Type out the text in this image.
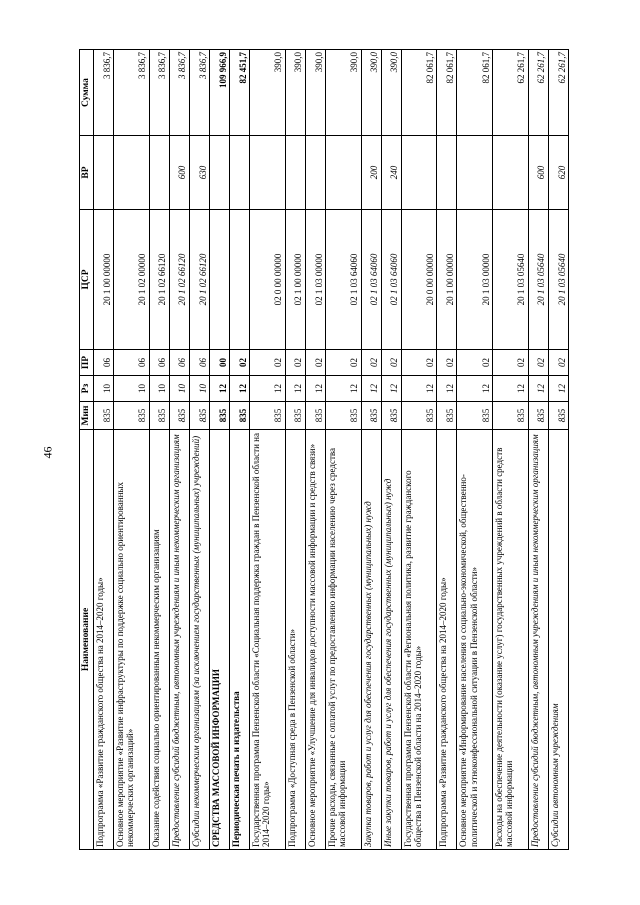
46
Наименование	Мин	Рз	ПР	ЦСР	ВР	Сумма
Подпрограмма «Развитие гражданского общества на 2014–2020 годы»	835	10	06	20 1 00 00000		3 836,7
Основное мероприятие «Развитие инфраструктуры по поддержке социально ориентированных некоммерческих организаций»	835	10	06	20 1 02 00000		3 836,7
Оказание содействия социально ориентированным некоммерческим организациям	835	10	06	20 1 02 66120		3 836,7
Предоставление субсидий бюджетным, автономным учреждениям и иным некоммерческим организациям	835	10	06	20 1 02 66120	600	3 836,7
Субсидии некоммерческим организациям (за исключением государственных (муниципальных) учреждений)	835	10	06	20 1 02 66120	630	3 836,7
СРЕДСТВА МАССОВОЙ ИНФОРМАЦИИ	835	12	00			109 966,9
Периодическая печать и издательства	835	12	02			82 451,7
Государственная программа Пензенской области «Социальная поддержка граждан в Пензенской области на 2014–2020 годы»	835	12	02	02 0 00 00000		390,0
Подпрограмма «Доступная среда в Пензенской области»	835	12	02	02 1 00 00000		390,0
Основное мероприятие «Улучшение для инвалидов доступности массовой информации и средств связи»	835	12	02	02 1 03 00000		390,0
Прочие расходы, связанные с оплатой услуг по предоставлению информации населению через средства массовой информации	835	12	02	02 1 03 64060		390,0
Закупка товаров, работ и услуг для обеспечения государственных (муниципальных) нужд	835	12	02	02 1 03 64060	200	390,0
Иные закупки товаров, работ и услуг для обеспечения государственных (муниципальных) нужд	835	12	02	02 1 03 64060	240	390,0
Государственная программа Пензенской области «Региональная политика, развитие гражданского общества в Пензенской области на 2014–2020 годы»	835	12	02	20 0 00 00000		82 061,7
Подпрограмма «Развитие гражданского общества на 2014–2020 годы»	835	12	02	20 1 00 00000		82 061,7
Основное мероприятие «Информирование населения о социально-экономической, общественно-политической и этноконфессиональной ситуации в Пензенской области»	835	12	02	20 1 03 00000		82 061,7
Расходы на обеспечение деятельности (оказание услуг) государственных учреждений в области средств массовой информации	835	12	02	20 1 03 05640		62 261,7
Предоставление субсидий бюджетным, автономным учреждениям и иным некоммерческим организациям	835	12	02	20 1 03 05640	600	62 261,7
Субсидии автономным учреждениям	835	12	02	20 1 03 05640	620	62 261,7
